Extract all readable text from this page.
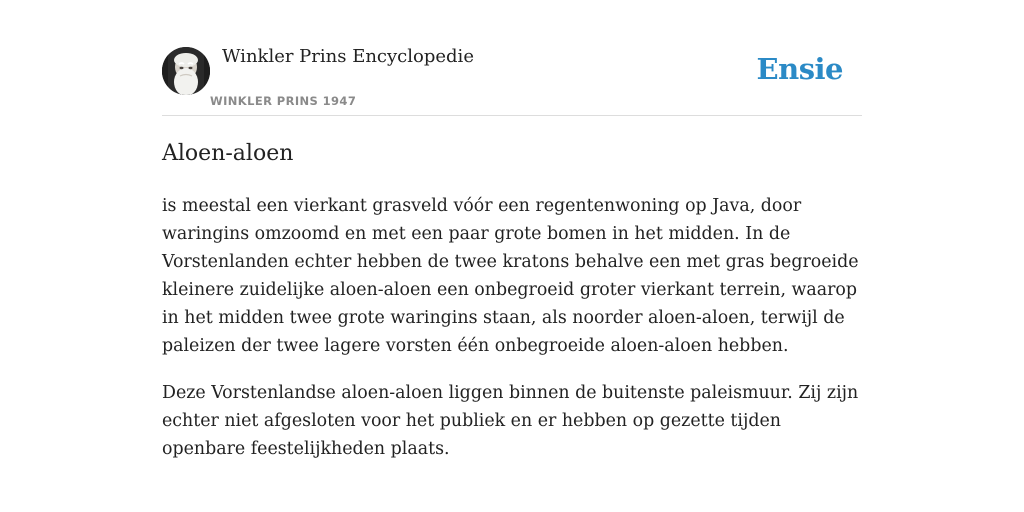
Winkler Prins Encyclopedie
WINKLER PRINS 1947
Ensie
Aloen-aloen

is meestal een vierkant grasveld vóór een regentenwoning op Java, door waringins omzoomd en met een paar grote bomen in het midden. In de Vorstenlanden echter hebben de twee kratons behalve een met gras begroeide kleinere zuidelijke aloen-aloen een onbegroeid groter vierkant terrein, waarop in het midden twee grote waringins staan, als noorder aloen-aloen, terwijl de paleizen der twee lagere vorsten één onbegroeide aloen-aloen hebben.

Deze Vorstenlandse aloen-aloen liggen binnen de buitenste paleismuur. Zij zijn echter niet afgesloten voor het publiek en er hebben op gezette tijden openbare feestelijkheden plaats.
